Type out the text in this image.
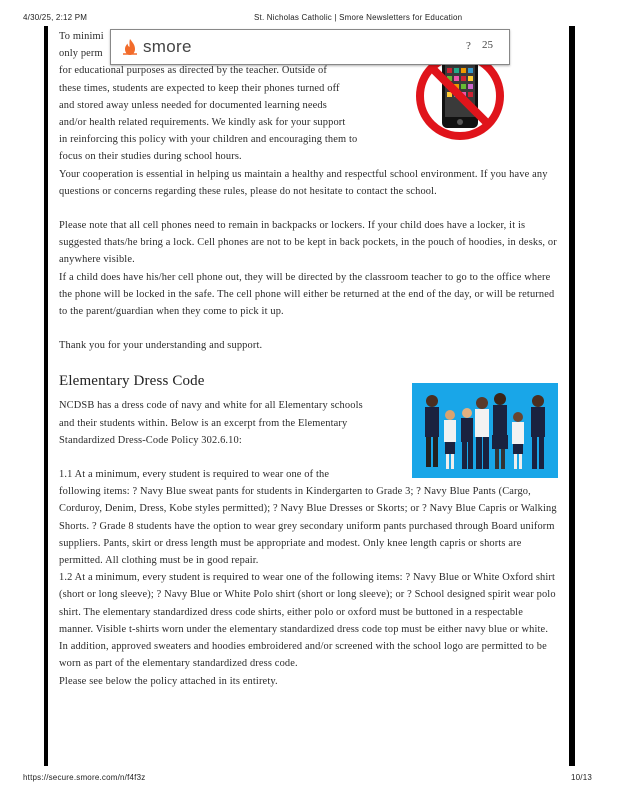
4/30/25, 2:12 PM	St. Nicholas Catholic | Smore Newsletters for Education

To minimi

only perm

for educational purposes as directed by the teacher. Outside of

these times, students are expected to keep their phones turned off

and stored away unless needed for documented learning needs

and/or health related requirements. We kindly ask for your support

in reinforcing this policy with your children and encouraging them to

focus on their studies during school hours.

Your cooperation is essential in helping us maintain a healthy and respectful school environment. If you have any questions or concerns regarding these rules, please do not hesitate to contact the school.

Please note that all cell phones need to remain in backpacks or lockers. If your child does have a locker, it is suggested thats/he bring a lock. Cell phones are not to be kept in back pockets, in the pouch of hoodies, in desks, or anywhere visible.

If a child does have his/her cell phone out, they will be directed by the classroom teacher to go to the office where the phone will be locked in the safe. The cell phone will either be returned at the end of the day, or will be returned to the parent/guardian when they come to pick it up.

Thank you for your understanding and support.

Elementary Dress Code

NCDSB has a dress code of navy and white for all Elementary schools and their students within. Below is an excerpt from the Elementary Standardized Dress-Code Policy 302.6.10:

1.1 At a minimum, every student is required to wear one of the

following items: ? Navy Blue sweat pants for students in Kindergarten to Grade 3; ? Navy Blue Pants (Cargo, Corduroy, Denim, Dress, Kobe styles permitted); ? Navy Blue Dresses or Skorts; or ? Navy Blue Capris or Walking Shorts. ? Grade 8 students have the option to wear grey secondary uniform pants purchased through Board uniform suppliers. Pants, skirt or dress length must be appropriate and modest. Only knee length capris or shorts are permitted. All clothing must be in good repair.

1.2 At a minimum, every student is required to wear one of the following items: ? Navy Blue or White Oxford shirt (short or long sleeve); ? Navy Blue or White Polo shirt (short or long sleeve); or ? School designed spirit wear polo shirt. The elementary standardized dress code shirts, either polo or oxford must be buttoned in a respectable manner. Visible t-shirts worn under the elementary standardized dress code top must be either navy blue or white. In addition, approved sweaters and hoodies embroidered and/or screened with the school logo are permitted to be worn as part of the elementary standardized dress code.

Please see below the policy attached in its entirety.

smore	? 25
https://secure.smore.com/n/f4f3z	10/13
